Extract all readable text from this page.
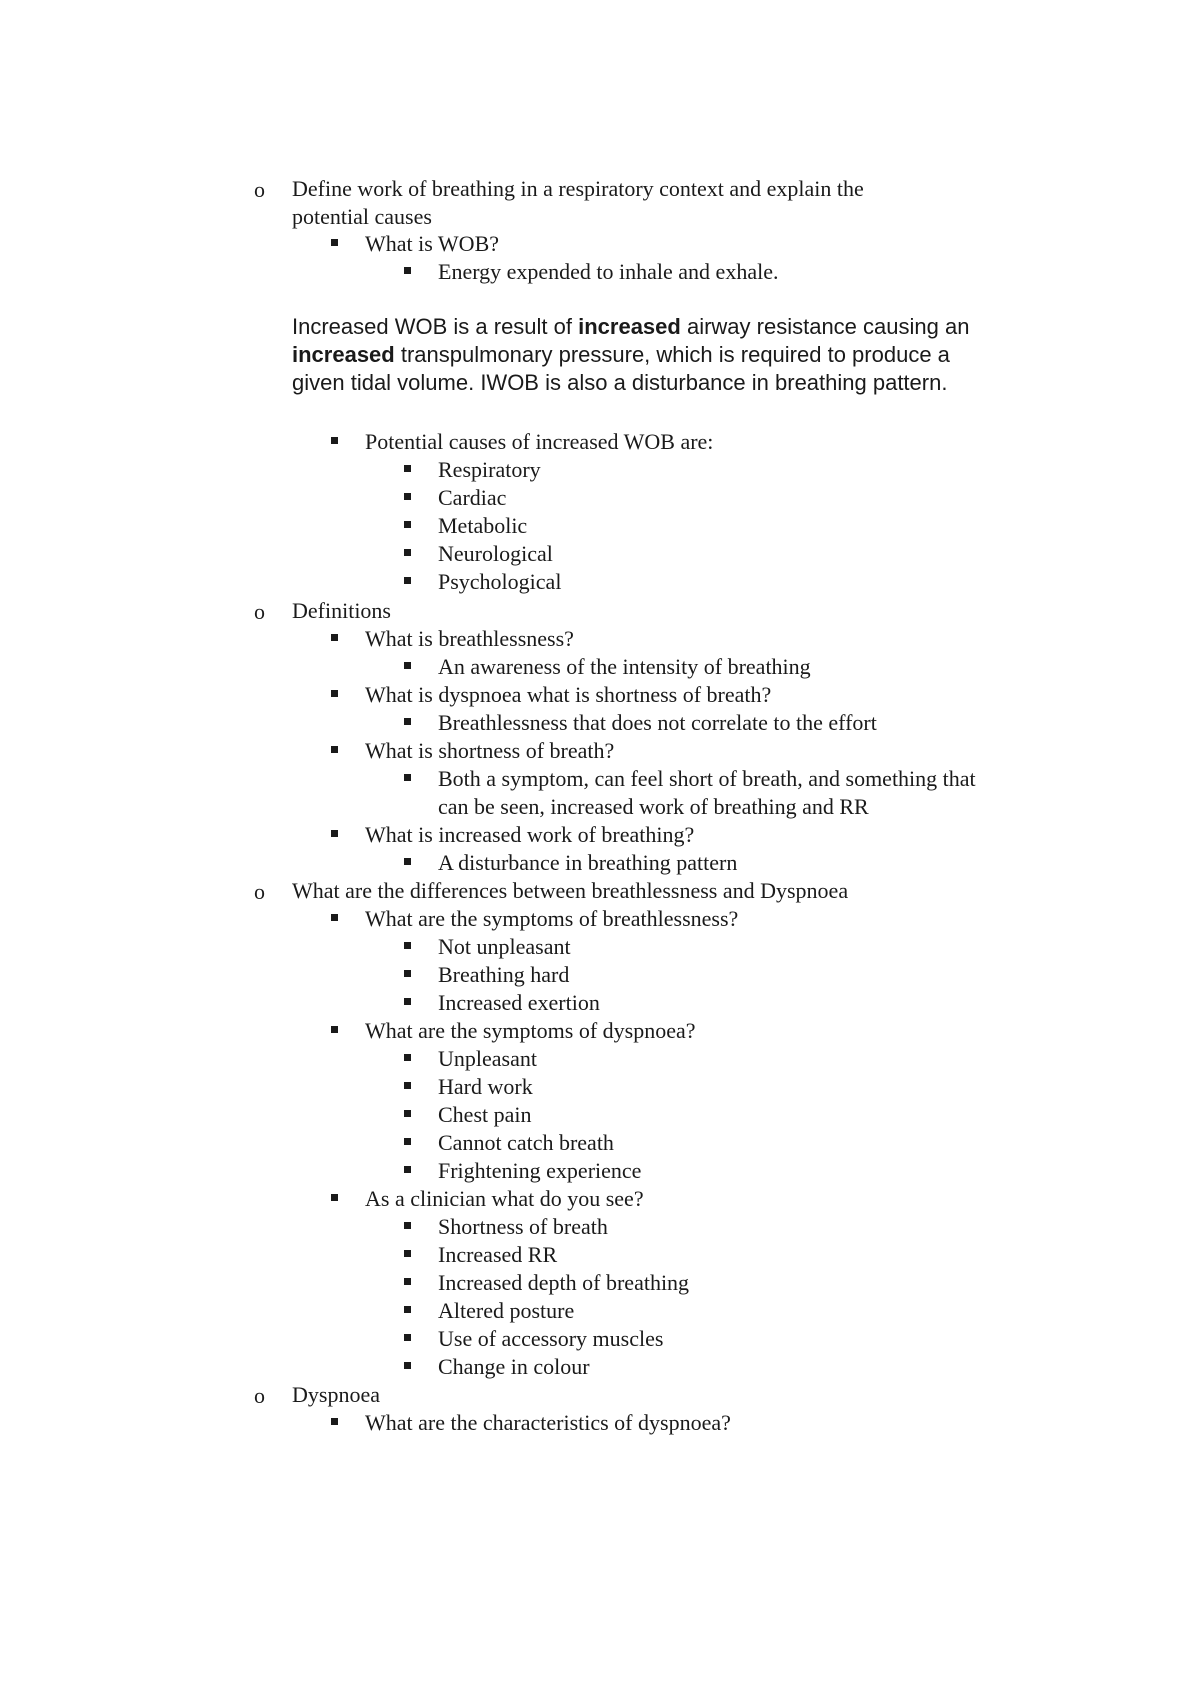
o Define work of breathing in a respiratory context and explain the
potential causes
What is WOB?
Energy expended to inhale and exhale.
Increased WOB is a result of increased airway resistance causing an
increased transpulmonary pressure, which is required to produce a
given tidal volume. IWOB is also a disturbance in breathing pattern.
Potential causes of increased WOB are:
Respiratory
Cardiac
Metabolic
Neurological
Psychological
o Definitions
What is breathlessness?
An awareness of the intensity of breathing
What is dyspnoea what is shortness of breath?
Breathlessness that does not correlate to the effort
What is shortness of breath?
Both a symptom, can feel short of breath, and something that
can be seen, increased work of breathing and RR
What is increased work of breathing?
A disturbance in breathing pattern
o What are the differences between breathlessness and Dyspnoea
What are the symptoms of breathlessness?
Not unpleasant
Breathing hard
Increased exertion
What are the symptoms of dyspnoea?
Unpleasant
Hard work
Chest pain
Cannot catch breath
Frightening experience
As a clinician what do you see?
Shortness of breath
Increased RR
Increased depth of breathing
Altered posture
Use of accessory muscles
Change in colour
o Dyspnoea
What are the characteristics of dyspnoea?
